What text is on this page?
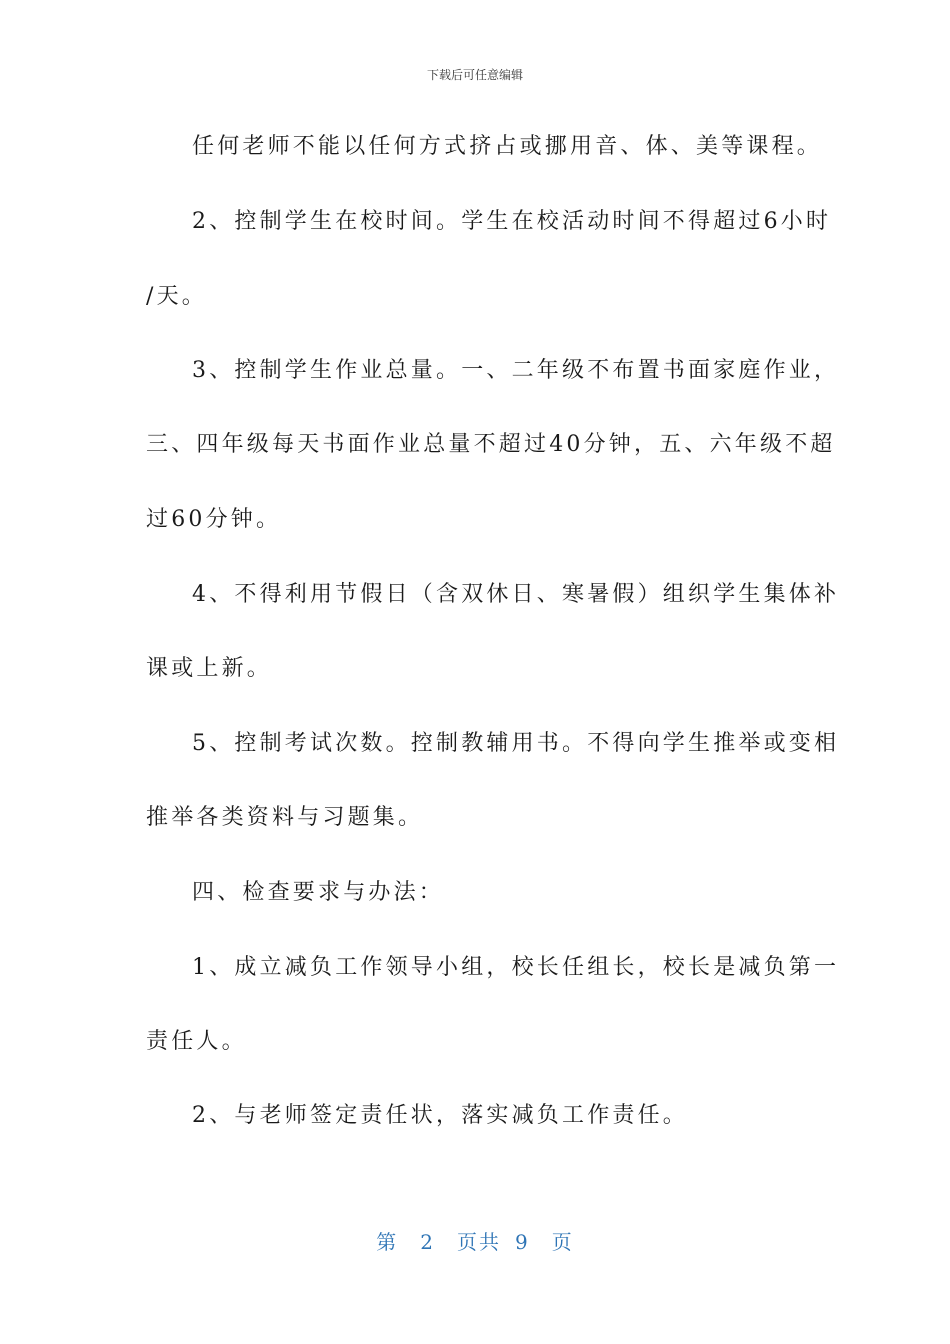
下载后可任意编辑
任何老师不能以任何方式挤占或挪用音、体、美等课程。
2、控制学生在校时间。学生在校活动时间不得超过6小时
/天。
3、控制学生作业总量。一、二年级不布置书面家庭作业，
三、四年级每天书面作业总量不超过40分钟，五、六年级不超
过60分钟。
4、不得利用节假日（含双休日、寒暑假）组织学生集体补
课或上新。
5、控制考试次数。控制教辅用书。不得向学生推举或变相
推举各类资料与习题集。
四、检查要求与办法：
1、成立减负工作领导小组，校长任组长，校长是减负第一
责任人。
2、与老师签定责任状，落实减负工作责任。
第 2 页共 9 页
